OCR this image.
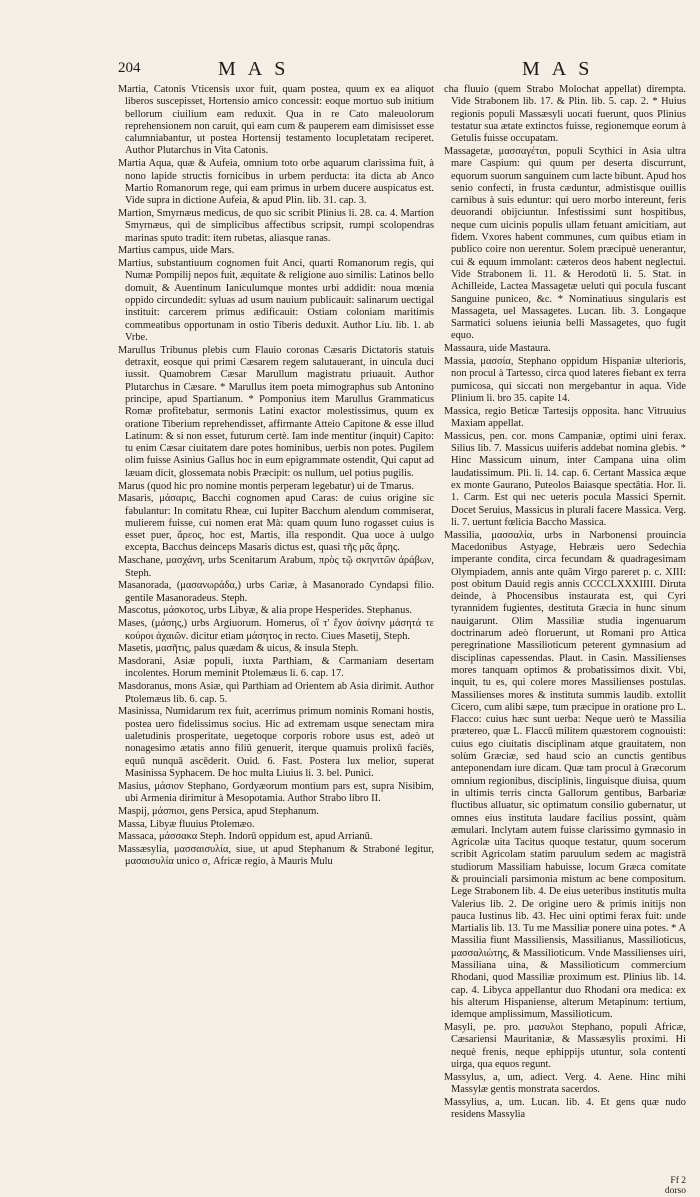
204	MAS	MAS

Martia, Catonis Vticensis uxor fuit, quam postea, quum ex ea aliquot liberos suscepisset, Hortensio amico concessit: eoque mortuo sub initium bellorum ciuilium eam reduxit. Qua in re Cato maleuolorum reprehensionem non caruit, qui eam cum & pauperem eam dimisisset esse calumniabantur, ut postea Hortensij testamento locupletatam reciperet. Author Plutarchus in Vita Catonis.

Martia Aqua, quæ & Aufeia, omnium toto orbe aquarum clarissima fuit, à nono lapide structis fornicibus in urbem perducta: ita dicta ab Anco Martio Romanorum rege, qui eam primus in urbem ducere auspicatus est. Vide supra in dictione Aufeia, & apud Plin. lib. 31. cap. 3.

Martion, Smyrnæus medicus, de quo sic scribit Plinius li. 28. ca. 4. Martion Smyrnæus, qui de simplicibus affectibus scripsit, rumpi scolopendras marinas sputo tradit: item rubetas, aliasque ranas.

Martius campus, uide Mars.

Martius, substantiuum cognomen fuit Anci, quarti Romanorum regis, qui Numæ Pompilij nepos fuit, æquitate & religione auo similis: Latinos bello domuit, & Auentinum Ianiculumque montes urbi addidit: noua mœnia oppido circundedit: syluas ad usum nauium publicauit: salinarum uectigal instituit: carcerem primus ædificauit: Ostiam coloniam maritimis commeatibus opportunam in ostio Tiberis deduxit. Author Liu. lib. 1. ab Vrbe.

Marullus Tribunus plebis cum Flauio coronas Cæsaris Dictatoris statuis detraxit, eosque qui primi Cæsarem regem salutauerant, in uincula duci iussit. Quamobrem Cæsar Marullum magistratu priuauit. Author Plutarchus in Cæsare. * Marullus item poeta mimographus sub Antonino principe, apud Spartianum. * Pomponius item Marullus Grammaticus Romæ profitebatur, sermonis Latini exactor molestissimus, quum ex oratione Tiberium reprehendisset, affirmante Atteio Capitone & esse illud Latinum: & si non esset, futurum certè. Iam inde mentitur (inquit) Capito: tu enim Cæsar ciuitatem dare potes hominibus, uerbis non potes. Pugilem olim fuisse Asinius Gallus hoc in eum epigrammate ostendit, Qui caput ad læuam dicit, glossemata nobis Præcipit: os nullum, uel potius pugilis.

Marus (quod hic pro nomine montis perperam legebatur) ui de Tmarus.

Masaris, μάσαρις, Bacchi cognomen apud Caras: de cuius origine sic fabulantur: In comitatu Rheæ, cui Iupiter Bacchum alendum commiserat, mulierem fuisse, cui nomen erat Mà: quam quum Iuno rogasset cuius is esset puer, ἄρεος, hoc est, Martis, illa respondit. Qua uoce à uulgo excepta, Bacchus deinceps Masaris dictus est, quasi τῆς μᾶς ἄρης.

Maschane, μασχάνη, urbs Scenitarum Arabum, πρὸς τῷ σκηνιτῶν ἀράβων, Steph.

Masanorada, (μασανωράδα,) urbs Cariæ, à Masanorado Cyndapsi filio. gentile Masanoradeus. Steph.

Mascotus, μάσκοτος, urbs Libyæ, & alia prope Hesperides. Stephanus.

Mases, (μάσης,) urbs Argiuorum. Homerus, οἳ τ' ἔχον ἀσίνην μάσητά τε κούροι ἀχαιῶν. dicitur etiam μάσητος in recto. Ciues Masetij, Steph.

Masetis, μασῆτις, palus quædam & uicus, & insula Steph.

Masdorani, Asiæ populi, iuxta Parthiam, & Carmaniam desertam incolentes. Horum meminit Ptolemæus li. 6. cap. 17.

Masdoranus, mons Asiæ, qui Parthiam ad Orientem ab Asia dirimit. Author Ptolemæus lib. 6. cap. 5.

Masinissa, Numidarum rex fuit, acerrimus primum nominis Romani hostis, postea uero fidelissimus socius. Hic ad extremam usque senectam mira ualetudinis prosperitate, uegetoque corporis robore usus est, adeò ut nonagesimo ætatis anno filiū genuerit, iterque quamuis prolixū faciēs, equū nunquā ascēderit. Ouid. 6. Fast. Postera lux melior, superat Masinissa Syphacem. De hoc multa Liuius li. 3. bel. Punici.

Masius, μάσιον Stephano, Gordyæorum montium pars est, supra Nisibim, ubi Armenia dirimitur à Mesopotamia. Author Strabo libro II.

Maspij, μάσπιοι, gens Persica, apud Stephanum.

Massa, Libyæ fluuius Ptolemæo.

Massaca, μάσσακα Steph. Indorū oppidum est, apud Arrianū.

Massæsylia, μασσαισυλία, siue, ut apud Stephanum & Straboné legitur, μασαισυλία unico σ, Africæ regio, à Mauris Mulu

cha fluuio (quem Strabo Molochat appellat) dirempta. Vide Strabonem lib. 17. & Plin. lib. 5. cap. 2. * Huius regionis populi Massæsyli uocati fuerunt, quos Plinius testatur sua ætate extinctos fuisse, regionemque eorum à Getulis fuisse occupatam.

Massagetæ, μασσαγέται, populi Scythici in Asia ultra mare Caspium: qui quum per deserta discurrunt, equorum suorum sanguinem cum lacte bibunt. Apud hos senio confecti, in frusta cæduntur, admistisque ouillis carnibus à suis eduntur: qui uero morbo intereunt, feris deuorandi obijciuntur. Infestissimi sunt hospitibus, neque cum uicinis populis ullam fetuant amicitiam, aut fidem. Vxores habent communes, cum quibus etiam in publico coire non uerentur. Solem præcipuè uenerantur, cui & equum immolant: cæteros deos habent neglectui. Vide Strabonem li. 11. & Herodotū li. 5. Stat. in Achilleide, Lactea Massagetæ ueluti qui pocula fuscant Sanguine puniceo, &c. * Nominatiuus singularis est Massageta, uel Massagetes. Lucan. lib. 3. Longaque Sarmatici soluens ieiunia belli Massagetes, quo fugit equo.

Massaura, uide Mastaura.

Massia, μασσία, Stephano oppidum Hispaniæ ulterioris, non procul à Tartesso, circa quod lateres fiebant ex terra pumicosa, qui siccati non mergebantur in aqua. Vide Plinium li. bro 35. capite 14.

Massica, regio Beticæ Tartesijs opposita. hanc Vitruuius Maxiam appellat.

Massicus, pen. cor. mons Campaniæ, optimi uini ferax. Silius lib. 7. Massicus uuiferis addebat nomina glebis. * Hinc Massicum uinum, inter Campana uina olim laudatissimum. Pli. li. 14. cap. 6. Certant Massica æque ex monte Gaurano, Puteolos Baiasque spectātia. Hor. li. 1. Carm. Est qui nec ueteris pocula Massici Spernit. Docet Seruius, Massicus in plurali facere Massica. Verg. li. 7. uertunt fœlicia Baccho Massica.

Massilia, μασσαλία, urbs in Narbonensi prouincia Macedonibus Astyage, Hebræis uero Sedechia imperante condita, circa fecundam & quadragesimam Olympiadem, annis ante quām Virgo pareret p. c. XIII: post obitum Dauid regis annis CCCCLXXXIIII. Diruta deinde, à Phocensibus instaurata est, qui Cyri tyrannidem fugientes, destituta Græcia in hunc sinum nauigarunt. Olim Massiliæ studia ingenuarum doctrinarum adeò floruerunt, ut Romani pro Attica peregrinatione Massilioticum peterent gymnasium ad disciplinas capessendas. Plaut. in Casin. Massilienses mores tanquam optimos & probatissimos dixit. Vbi, inquit, tu es, qui colere mores Massilienses postulas. Massilienses mores & instituta summis laudib. extollit Cicero, cum alibi sæpe, tum præcipue in oratione pro L. Flacco: cuius hæc sunt uerba: Neque uerò te Massilia prætereo, quæ L. Flaccū militem quæstorem cognouisti: cuius ego ciuitatis disciplinam atque grauitatem, non solùm Græciæ, sed haud scio an cunctis gentibus anteponendam iure dicam. Quæ tam procul à Græcorum omnium regionibus, disciplinis, linguisque diuisa, quum in ultimis terris cincta Gallorum gentibus, Barbariæ fluctibus alluatur, sic optimatum consilio gubernatur, ut omnes eius instituta laudare facilius possint, quàm æmulari. Inclytam autem fuisse clarissimo gymnasio in Agricolæ uita Tacitus quoque testatur, quum socerum scribit Agricolam statim paruulum sedem ac magistrā studiorum Massiliam habuisse, locum Græca comitate & prouinciali parsimonia mistum ac bene compositum. Lege Strabonem lib. 4. De eius ueteribus institutis multa Valerius lib. 2. De origine uero & primis initijs non pauca Iustinus lib. 43. Hec uini optimi ferax fuit: unde Martialis lib. 13. Tu me Massiliæ ponere uina potes. * A Massilia fiunt Massiliensis, Massilianus, Massilioticus, μασσαλιώτης, & Massilioticum. Vnde Massilienses uiri, Massiliana uina, & Massilioticum commercium Rhodani, quod Massiliæ proximum est. Plinius lib. 14. cap. 4. Libyca appellantur duo Rhodani ora medica: ex his alterum Hispaniense, alterum Metapinum: tertium, idemque amplissimum, Massilioticum.

Masyli, pe. pro. μασυλοι Stephano, populi Africæ, Cæsariensi Mauritaniæ, & Massæsylis proximi. Hi nequè frenis, neque ephippijs utuntur, sola contenti uirga, qua equos regunt.

Massylus, a, um, adiect. Verg. 4. Aene. Hinc mihi Massylæ gentis monstrata sacerdos.

Massylius, a, um. Lucan. lib. 4. Et gens quæ nudo residens Massylia

Ff 2
dorso
